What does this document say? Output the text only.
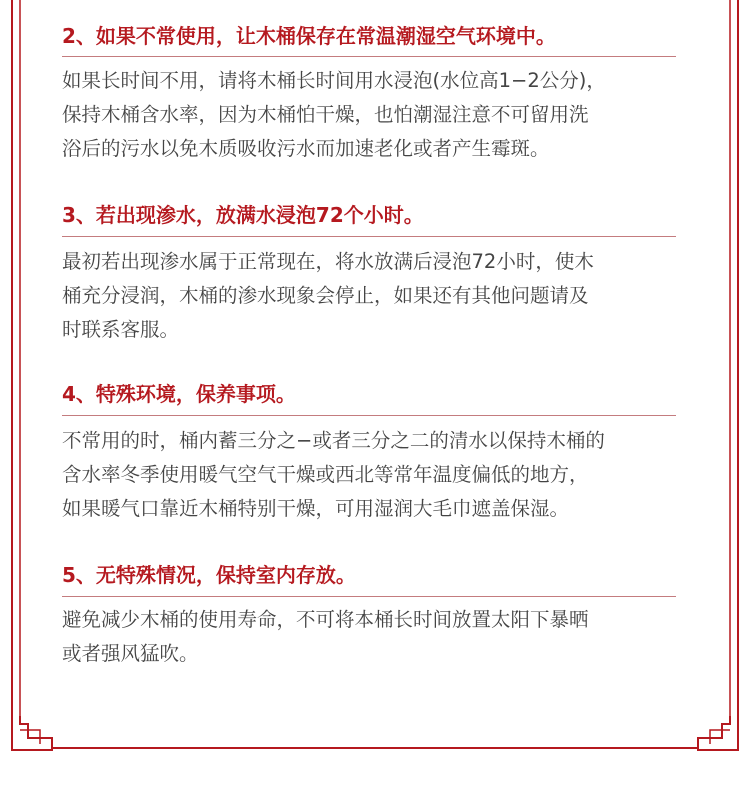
2、如果不常使用，让木桶保存在常温潮湿空气环境中。
如果长时间不用，请将木桶长时间用水浸泡(水位高1−2公分)，
保持木桶含水率，因为木桶怕干燥，也怕潮湿注意不可留用洗
浴后的污水以免木质吸收污水而加速老化或者产生霉斑。
3、若出现渗水，放满水浸泡72个小时。
最初若出现渗水属于正常现在，将水放满后浸泡72小时，使木
桶充分浸润，木桶的渗水现象会停止，如果还有其他问题请及
时联系客服。
4、特殊环境，保养事项。
不常用的时，桶内蓄三分之−或者三分之二的清水以保持木桶的
含水率冬季使用暖气空气干燥或西北等常年温度偏低的地方，
如果暖气口靠近木桶特别干燥，可用湿润大毛巾遮盖保湿。
5、无特殊情况，保持室内存放。
避免减少木桶的使用寿命，不可将本桶长时间放置太阳下暴晒
或者强风猛吹。
